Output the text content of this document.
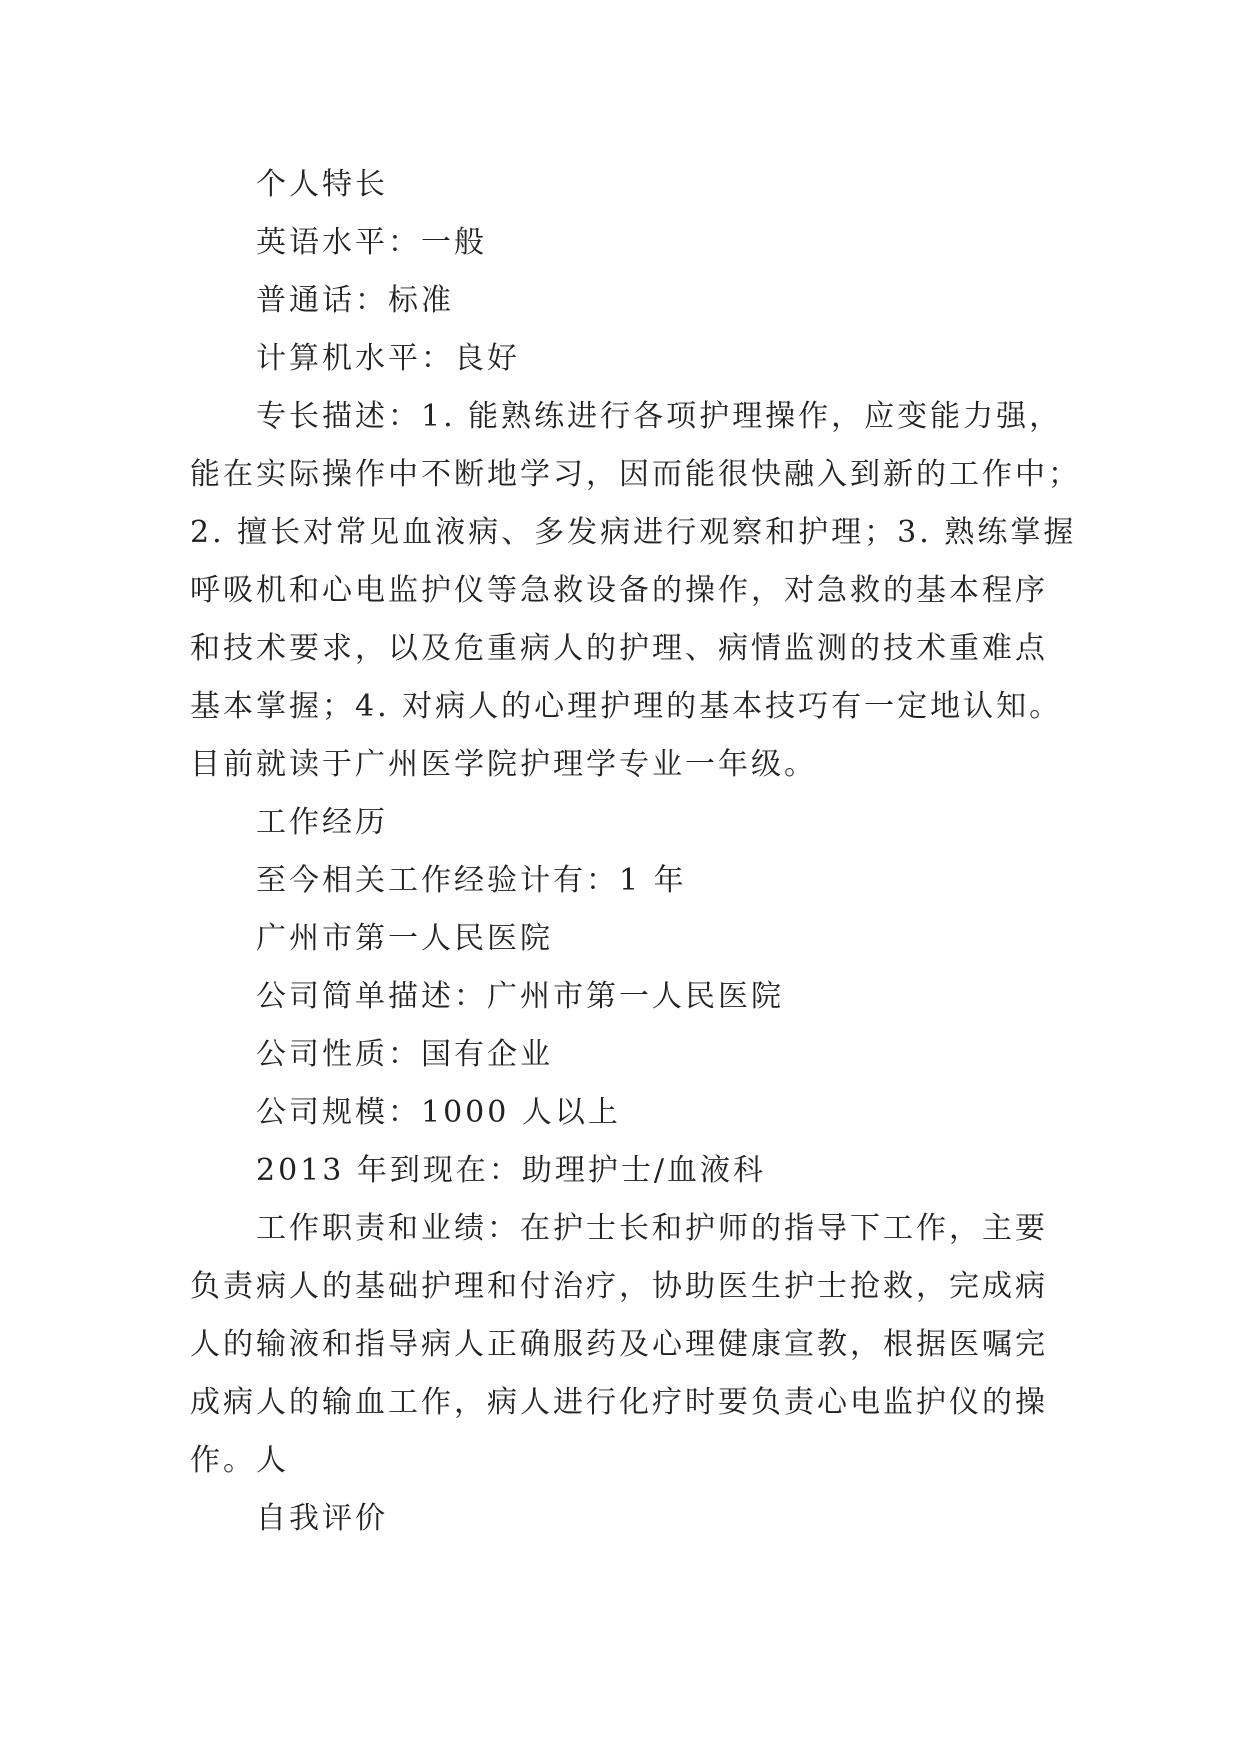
个人特长
英语水平：一般
普通话：标准
计算机水平：良好
专长描述：1. 能熟练进行各项护理操作，应变能力强，
能在实际操作中不断地学习，因而能很快融入到新的工作中；
2. 擅长对常见血液病、多发病进行观察和护理；3. 熟练掌握
呼吸机和心电监护仪等急救设备的操作，对急救的基本程序
和技术要求，以及危重病人的护理、病情监测的技术重难点
基本掌握；4. 对病人的心理护理的基本技巧有一定地认知。
目前就读于广州医学院护理学专业一年级。
工作经历
至今相关工作经验计有：1 年
广州市第一人民医院
公司简单描述：广州市第一人民医院
公司性质：国有企业
公司规模：1000 人以上
2013 年到现在：助理护士/血液科
工作职责和业绩：在护士长和护师的指导下工作，主要
负责病人的基础护理和付治疗，协助医生护士抢救，完成病
人的输液和指导病人正确服药及心理健康宣教，根据医嘱完
成病人的输血工作，病人进行化疗时要负责心电监护仪的操
作。人
自我评价
